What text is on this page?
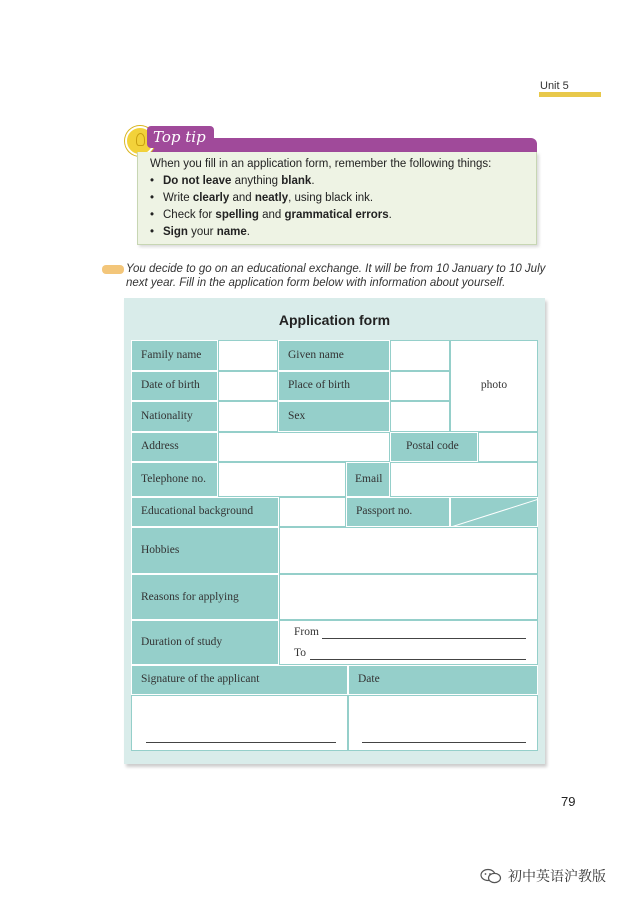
Unit 5
Top tip
When you fill in an application form, remember the following things:
• Do not leave anything blank.
• Write clearly and neatly, using black ink.
• Check for spelling and grammatical errors.
• Sign your name.
You decide to go on an educational exchange. It will be from 10 January to 10 July next year. Fill in the application form below with information about yourself.
Application form
Family name	Given name
photo
Date of birth	Place of birth
Nationality	Sex
Address	Postal code
Telephone no.	Email
Educational background	Passport no.
Hobbies
Reasons for applying
Duration of study
From
To
Signature of the applicant	Date
79
初中英语沪教版
